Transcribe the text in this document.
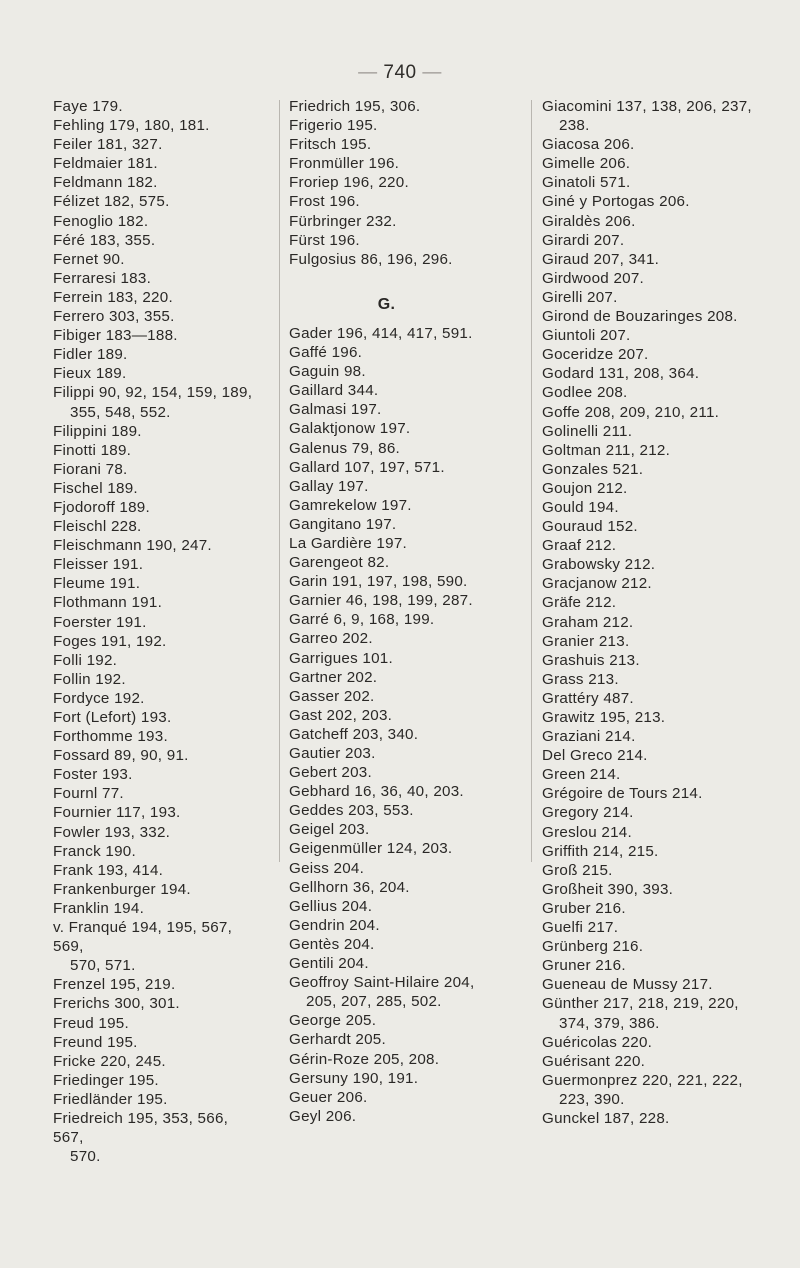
— 740 —
Faye 179.
Fehling 179, 180, 181.
Feiler 181, 327.
Feldmaier 181.
Feldmann 182.
Félizet 182, 575.
Fenoglio 182.
Féré 183, 355.
Fernet 90.
Ferraresi 183.
Ferrein 183, 220.
Ferrero 303, 355.
Fibiger 183—188.
Fidler 189.
Fieux 189.
Filippi 90, 92, 154, 159, 189,
355, 548, 552.
Filippini 189.
Finotti 189.
Fiorani 78.
Fischel 189.
Fjodoroff 189.
Fleischl 228.
Fleischmann 190, 247.
Fleisser 191.
Fleume 191.
Flothmann 191.
Foerster 191.
Foges 191, 192.
Folli 192.
Follin 192.
Fordyce 192.
Fort (Lefort) 193.
Forthomme 193.
Fossard 89, 90, 91.
Foster 193.
Fournl 77.
Fournier 117, 193.
Fowler 193, 332.
Franck 190.
Frank 193, 414.
Frankenburger 194.
Franklin 194.
v. Franqué 194, 195, 567, 569,
570, 571.
Frenzel 195, 219.
Frerichs 300, 301.
Freud 195.
Freund 195.
Fricke 220, 245.
Friedinger 195.
Friedländer 195.
Friedreich 195, 353, 566, 567,
570.
Friedrich 195, 306.
Frigerio 195.
Fritsch 195.
Fronmüller 196.
Froriep 196, 220.
Frost 196.
Fürbringer 232.
Fürst 196.
Fulgosius 86, 196, 296.
G.
Gader 196, 414, 417, 591.
Gaffé 196.
Gaguin 98.
Gaillard 344.
Galmasi 197.
Galaktjonow 197.
Galenus 79, 86.
Gallard 107, 197, 571.
Gallay 197.
Gamrekelow 197.
Gangitano 197.
La Gardière 197.
Garengeot 82.
Garin 191, 197, 198, 590.
Garnier 46, 198, 199, 287.
Garré 6, 9, 168, 199.
Garreo 202.
Garrigues 101.
Gartner 202.
Gasser 202.
Gast 202, 203.
Gatcheff 203, 340.
Gautier 203.
Gebert 203.
Gebhard 16, 36, 40, 203.
Geddes 203, 553.
Geigel 203.
Geigenmüller 124, 203.
Geiss 204.
Gellhorn 36, 204.
Gellius 204.
Gendrin 204.
Gentès 204.
Gentili 204.
Geoffroy Saint-Hilaire 204,
205, 207, 285, 502.
George 205.
Gerhardt 205.
Gérin-Roze 205, 208.
Gersuny 190, 191.
Geuer 206.
Geyl 206.
Giacomini 137, 138, 206, 237,
238.
Giacosa 206.
Gimelle 206.
Ginatoli 571.
Giné y Portogas 206.
Giraldès 206.
Girardi 207.
Giraud 207, 341.
Girdwood 207.
Girelli 207.
Girond de Bouzaringes 208.
Giuntoli 207.
Goceridze 207.
Godard 131, 208, 364.
Godlee 208.
Goffe 208, 209, 210, 211.
Golinelli 211.
Goltman 211, 212.
Gonzales 521.
Goujon 212.
Gould 194.
Gouraud 152.
Graaf 212.
Grabowsky 212.
Gracjanow 212.
Gräfe 212.
Graham 212.
Granier 213.
Grashuis 213.
Grass 213.
Grattéry 487.
Grawitz 195, 213.
Graziani 214.
Del Greco 214.
Green 214.
Grégoire de Tours 214.
Gregory 214.
Greslou 214.
Griffith 214, 215.
Groß 215.
Großheit 390, 393.
Gruber 216.
Guelfi 217.
Grünberg 216.
Gruner 216.
Gueneau de Mussy 217.
Günther 217, 218, 219, 220,
374, 379, 386.
Guéricolas 220.
Guérisant 220.
Guermonprez 220, 221, 222,
223, 390.
Gunckel 187, 228.
